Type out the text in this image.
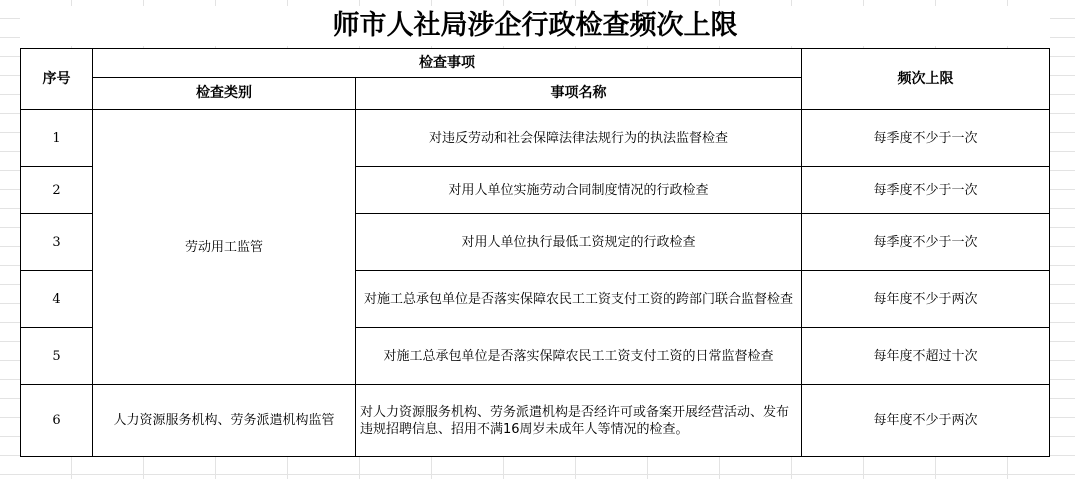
师市人社局涉企行政检查频次上限
序号	检查事项		频次上限
	检查类别	事项名称	
1	劳动用工监管	对违反劳动和社会保障法律法规行为的执法监督检查	每季度不少于一次
2		对用人单位实施劳动合同制度情况的行政检查	每季度不少于一次
3		对用人单位执行最低工资规定的行政检查	每季度不少于一次
4		对施工总承包单位是否落实保障农民工工资支付工资的跨部门联合监督检查	每年度不少于两次
5		对施工总承包单位是否落实保障农民工工资支付工资的日常监督检查	每年度不超过十次
6	人力资源服务机构、劳务派遣机构监管	对人力资源服务机构、劳务派遣机构是否经许可或备案开展经营活动、发布违规招聘信息、招用不满16周岁未成年人等情况的检查。	每年度不少于两次
